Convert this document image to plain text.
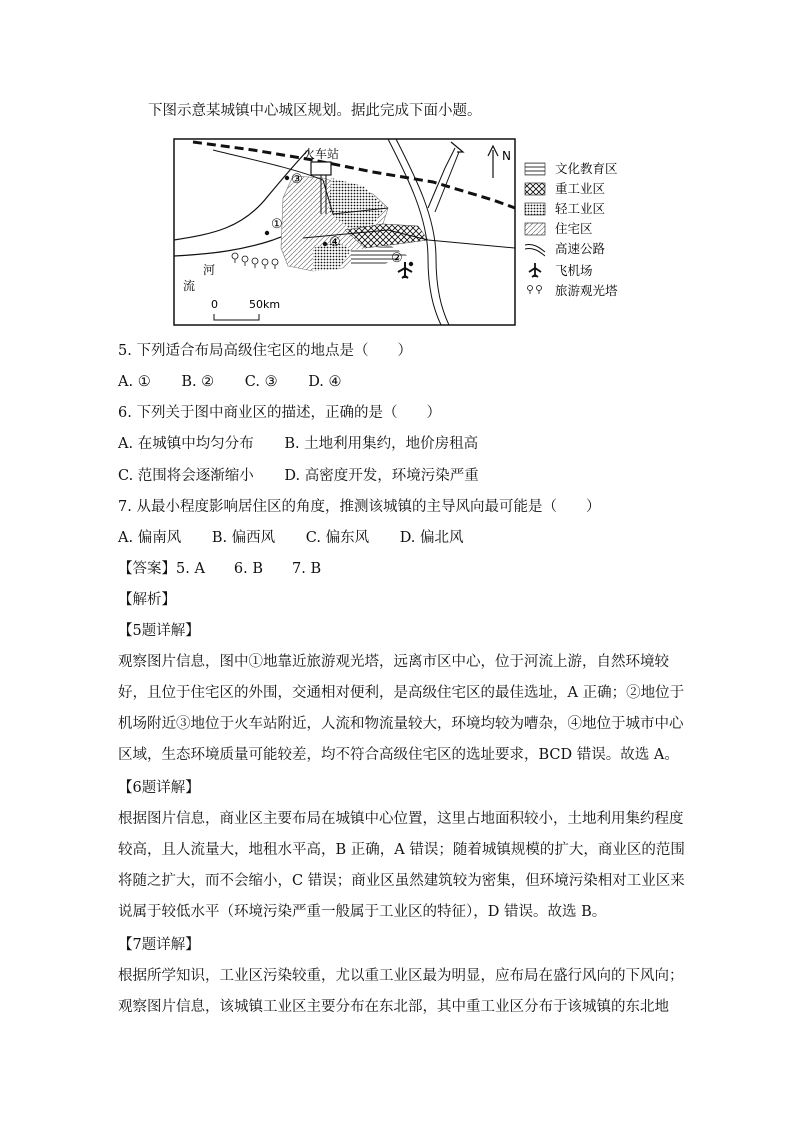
下图示意某城镇中心城区规划。据此完成下面小题。
火车站	N
③
①
④
②
河
流
0	50km
文化教育区
重工业区
轻工业区
住宅区
高速公路
飞机场
旅游观光塔
5. 下列适合布局高级住宅区的地点是（　　）
A. ① B. ② C. ③ D. ④
6. 下列关于图中商业区的描述，正确的是（　　）
A. 在城镇中均匀分布 B. 土地利用集约，地价房租高
C. 范围将会逐渐缩小 D. 高密度开发，环境污染严重
7. 从最小程度影响居住区的角度，推测该城镇的主导风向最可能是（　　）
A. 偏南风 B. 偏西风 C. 偏东风 D. 偏北风
【答案】5. A　　6. B　　7. B
【解析】
【5题详解】

观察图片信息，图中①地靠近旅游观光塔，远离市区中心，位于河流上游，自然环境较

好，且位于住宅区的外围，交通相对便利，是高级住宅区的最佳选址，A 正确；②地位于

机场附近③地位于火车站附近，人流和物流量较大，环境均较为嘈杂，④地位于城市中心

区域，生态环境质量可能较差，均不符合高级住宅区的选址要求，BCD 错误。故选 A。

【6题详解】

根据图片信息，商业区主要布局在城镇中心位置，这里占地面积较小，土地利用集约程度

较高，且人流量大，地租水平高，B 正确，A 错误；随着城镇规模的扩大，商业区的范围

将随之扩大，而不会缩小，C 错误；商业区虽然建筑较为密集，但环境污染相对工业区来

说属于较低水平（环境污染严重一般属于工业区的特征），D 错误。故选 B。

【7题详解】

根据所学知识，工业区污染较重，尤以重工业区最为明显，应布局在盛行风向的下风向；

观察图片信息，该城镇工业区主要分布在东北部，其中重工业区分布于该城镇的东北地
